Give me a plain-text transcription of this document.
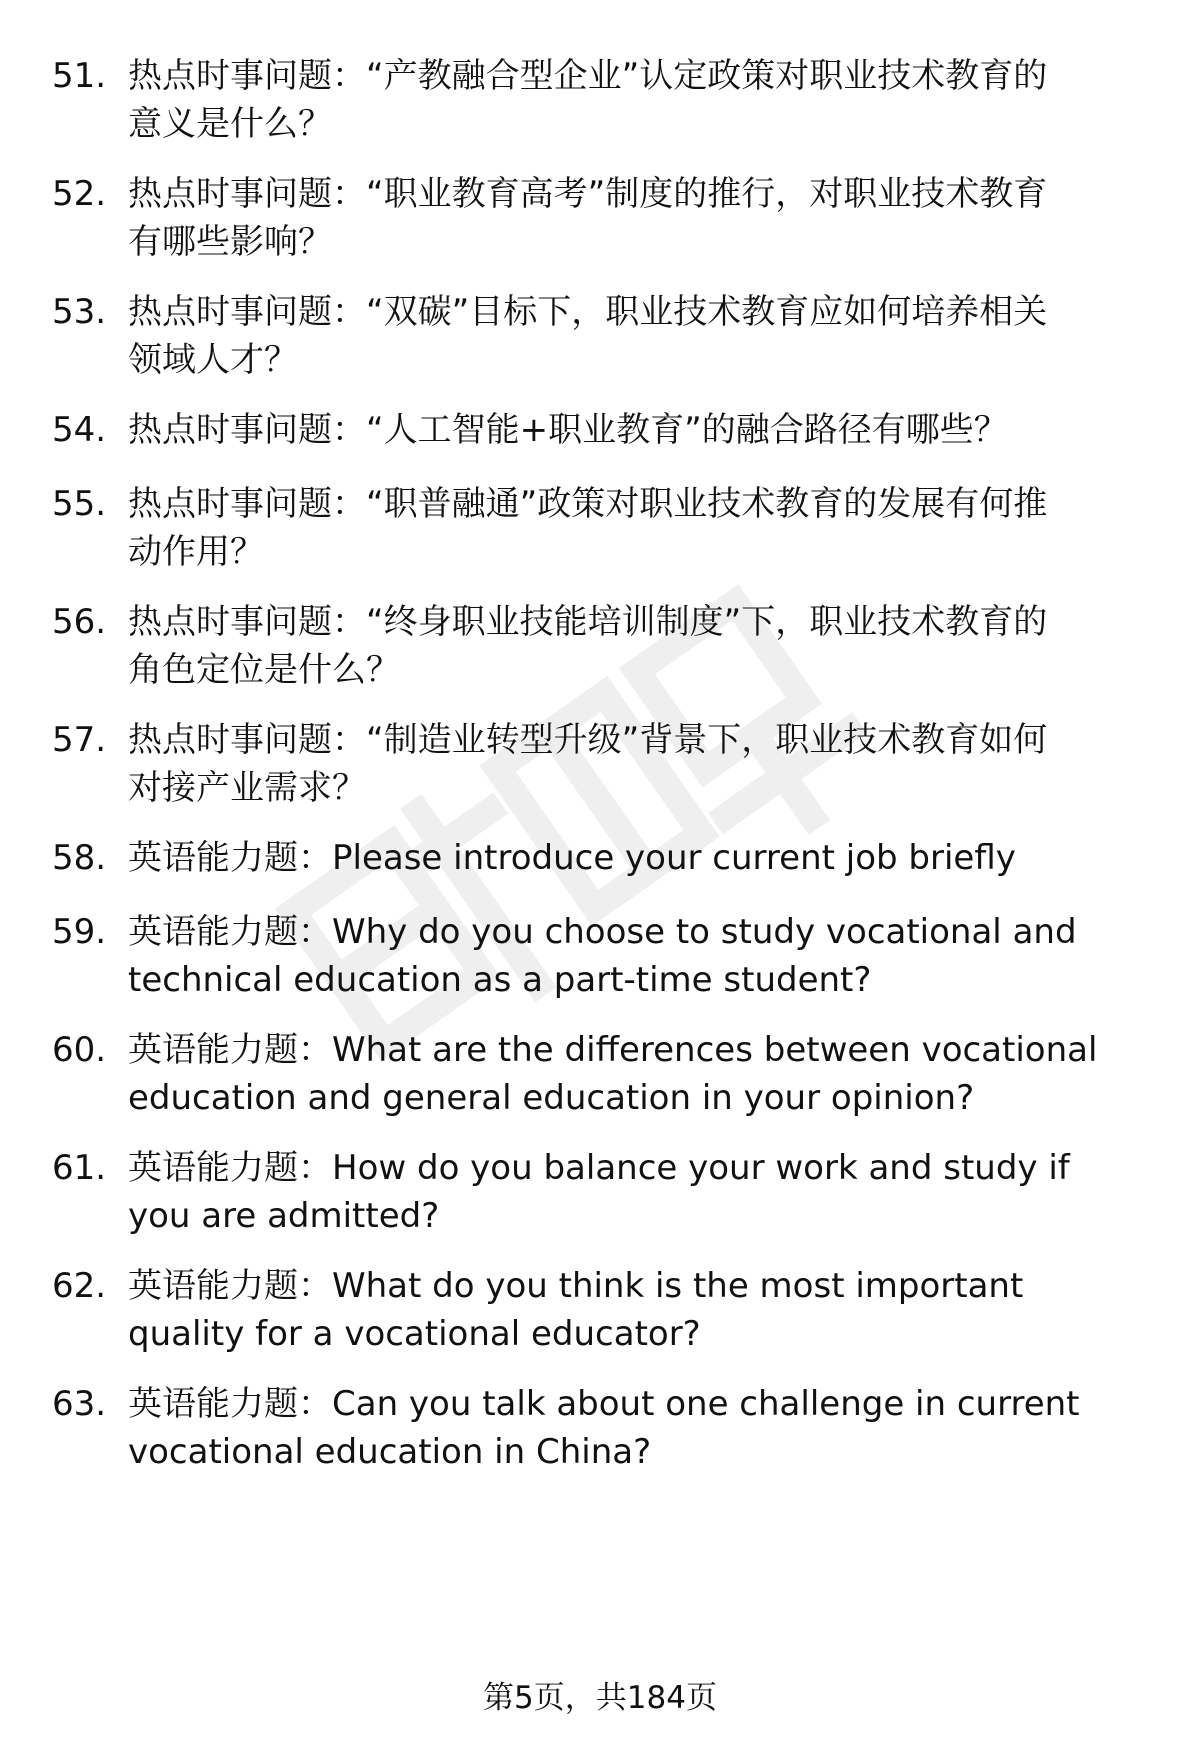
51. 热点时事问题：“产教融合型企业”认定政策对职业技术教育的
意义是什么？
52. 热点时事问题：“职业教育高考”制度的推行，对职业技术教育
有哪些影响？
53. 热点时事问题：“双碳”目标下，职业技术教育应如何培养相关
领域人才？
54. 热点时事问题：“人工智能+职业教育”的融合路径有哪些？
55. 热点时事问题：“职普融通”政策对职业技术教育的发展有何推
动作用？
56. 热点时事问题：“终身职业技能培训制度”下，职业技术教育的
角色定位是什么？
57. 热点时事问题：“制造业转型升级”背景下，职业技术教育如何
对接产业需求？
58. 英语能力题：Please introduce your current job briefly
59. 英语能力题：Why do you choose to study vocational and
technical education as a part-time student?
60. 英语能力题：What are the differences between vocational
education and general education in your opinion?
61. 英语能力题：How do you balance your work and study if
you are admitted?
62. 英语能力题：What do you think is the most important
quality for a vocational educator?
63. 英语能力题：Can you talk about one challenge in current
vocational education in China?
第5页，共184页
